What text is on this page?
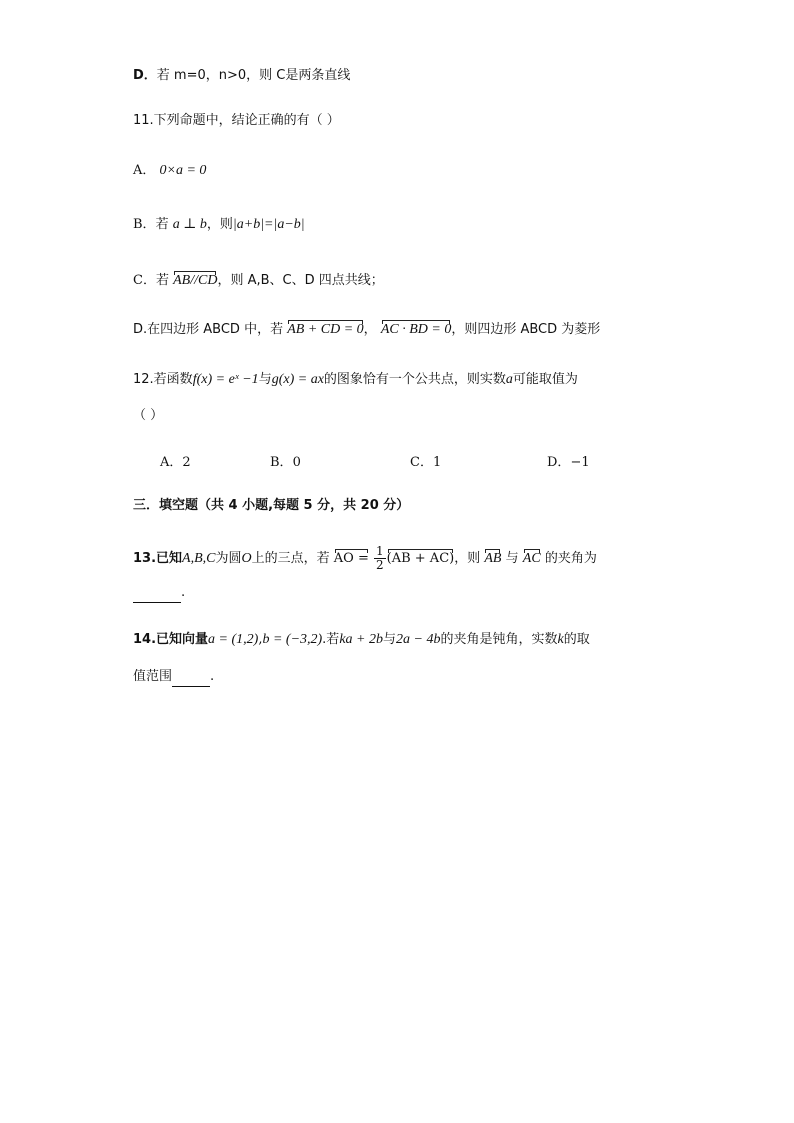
D．若 m=0，n>0，则 C是两条直线
11.下列命题中，结论正确的有（ ）
A． 0×a = 0
B．若 a ⊥ b，则|a+b|=|a−b|
C．若 AB//CD，则 A,B、C、D 四点共线；
D.在四边形 ABCD 中，若 AB + CD = 0， AC · BD = 0，则四边形 ABCD 为菱形
12.若函数f(x) = eˣ −1与g(x) = ax的图象恰有一个公共点，则实数a可能取值为
（ ）
A．2	B．0	C．1	D．−1
三．填空题（共 4 小题,每题 5 分，共 20 分）
13.已知A,B,C为圆O上的三点，若 AO = $\frac{1}{2} (AB + AC)$，则 AB 与 AC 的夹角为
.
14.已知向量a = (1,2),b = (−3,2).若ka + 2b与2a − 4b的夹角是钝角，实数k的取
值范围	.
